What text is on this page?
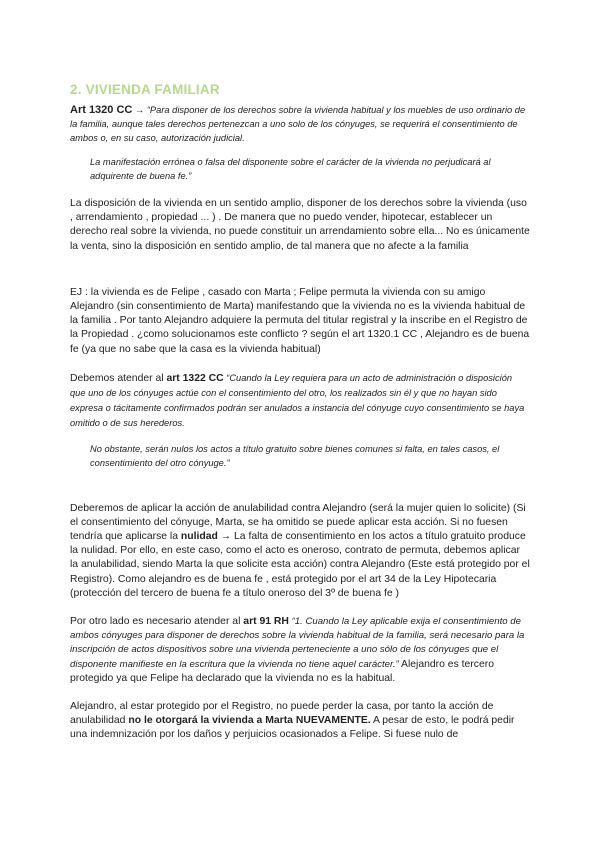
2. VIVIENDA FAMILIAR

Art 1320 CC → “Para disponer de los derechos sobre la vivienda habitual y los muebles de uso ordinario de la familia, aunque tales derechos pertenezcan a uno solo de los cónyuges, se requerirá el consentimiento de ambos o, en su caso, autorización judicial.

La manifestación errónea o falsa del disponente sobre el carácter de la vivienda no perjudicará al adquirente de buena fe.”

La disposición de la vivienda en un sentido amplio, disponer de los derechos sobre la vivienda (uso , arrendamiento , propiedad ... ) . De manera que no puedo vender, hipotecar, establecer un derecho real sobre la vivienda, no puede constituir un arrendamiento sobre ella... No es únicamente la venta, sino la disposición en sentido amplio, de tal manera que no afecte a la familia

EJ : la vivienda es de Felipe , casado con Marta ; Felipe permuta la vivienda con su amigo Alejandro (sin consentimiento de Marta) manifestando que la vivienda no es la vivienda habitual de la familia . Por tanto Alejandro adquiere la permuta del titular registral y la inscribe en el Registro de la Propiedad . ¿como solucionamos este conflicto ? según el art 1320.1 CC , Alejandro es de buena fe (ya que no sabe que la casa es la vivienda habitual)

Debemos atender al art 1322 CC “Cuando la Ley requiera para un acto de administración o disposición que uno de los cónyuges actúe con el consentimiento del otro, los realizados sin él y que no hayan sido expresa o tácitamente confirmados podrán ser anulados a instancia del cónyuge cuyo consentimiento se haya omitido o de sus herederos.

No obstante, serán nulos los actos a título gratuito sobre bienes comunes si falta, en tales casos, el consentimiento del otro cónyuge.”

Deberemos de aplicar la acción de anulabilidad contra Alejandro (será la mujer quien lo solicite) (Si el consentimiento del cónyuge, Marta, se ha omitido se puede aplicar esta acción. Si no fuesen tendría que aplicarse la nulidad → La falta de consentimiento en los actos a título gratuito produce la nulidad. Por ello, en este caso, como el acto es oneroso, contrato de permuta, debemos aplicar la anulabilidad, siendo Marta la que solicite esta acción) contra Alejandro (Este está protegido por el Registro). Como alejandro es de buena fe , está protegido por el art 34 de la Ley Hipotecaria (protección del tercero de buena fe a título oneroso del 3º de buena fe )

Por otro lado es necesario atender al art 91 RH “1. Cuando la Ley aplicable exija el consentimiento de ambos cónyuges para disponer de derechos sobre la vivienda habitual de la familia, será necesario para la inscripción de actos dispositivos sobre una vivienda perteneciente a uno sólo de los cónyuges que el disponente manifieste en la escritura que la vivienda no tiene aquel carácter.” Alejandro es tercero protegido ya que Felipe ha declarado que la vivienda no es la habitual.

Alejandro, al estar protegido por el Registro, no puede perder la casa, por tanto la acción de anulabilidad no le otorgará la vivienda a Marta NUEVAMENTE. A pesar de esto, le podrá pedir una indemnización por los daños y perjuicios ocasionados a Felipe. Si fuese nulo de
